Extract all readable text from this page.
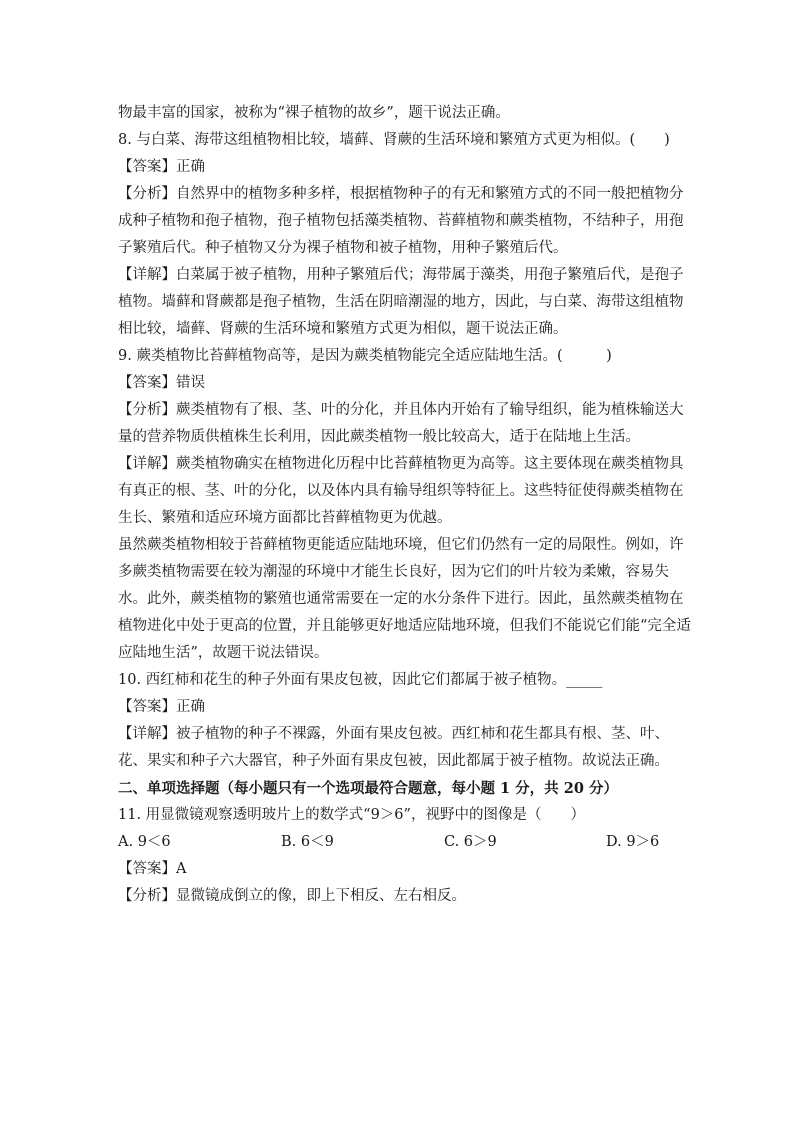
物最丰富的国家，被称为“裸子植物的故乡”，题干说法正确。
8. 与白菜、海带这组植物相比较，墙藓、肾蕨的生活环境和繁殖方式更为相似。(　　)
【答案】正确
【分析】自然界中的植物多种多样，根据植物种子的有无和繁殖方式的不同一般把植物分
成种子植物和孢子植物，孢子植物包括藻类植物、苔藓植物和蕨类植物，不结种子，用孢
子繁殖后代。种子植物又分为裸子植物和被子植物，用种子繁殖后代。
【详解】白菜属于被子植物，用种子繁殖后代；海带属于藻类，用孢子繁殖后代，是孢子
植物。墙藓和肾蕨都是孢子植物，生活在阴暗潮湿的地方，因此，与白菜、海带这组植物
相比较，墙藓、肾蕨的生活环境和繁殖方式更为相似，题干说法正确。
9. 蕨类植物比苔藓植物高等，是因为蕨类植物能完全适应陆地生活。(　　　)
【答案】错误
【分析】蕨类植物有了根、茎、叶的分化，并且体内开始有了输导组织，能为植株输送大
量的营养物质供植株生长利用，因此蕨类植物一般比较高大，适于在陆地上生活。
【详解】蕨类植物确实在植物进化历程中比苔藓植物更为高等。这主要体现在蕨类植物具
有真正的根、茎、叶的分化，以及体内具有输导组织等特征上。这些特征使得蕨类植物在
生长、繁殖和适应环境方面都比苔藓植物更为优越。
虽然蕨类植物相较于苔藓植物更能适应陆地环境，但它们仍然有一定的局限性。例如，许
多蕨类植物需要在较为潮湿的环境中才能生长良好，因为它们的叶片较为柔嫩，容易失
水。此外，蕨类植物的繁殖也通常需要在一定的水分条件下进行。因此，虽然蕨类植物在
植物进化中处于更高的位置，并且能够更好地适应陆地环境，但我们不能说它们能“完全适
应陆地生活”，故题干说法错误。
10. 西红柿和花生的种子外面有果皮包被，因此它们都属于被子植物。_____
【答案】正确
【详解】被子植物的种子不裸露，外面有果皮包被。西红柿和花生都具有根、茎、叶、
花、果实和种子六大器官，种子外面有果皮包被，因此都属于被子植物。故说法正确。
二、单项选择题（每小题只有一个选项最符合题意，每小题 1 分，共 20 分）
11. 用显微镜观察透明玻片上的数学式“9＞6”，视野中的图像是（　　）
A. 9＜6	B. 6＜9	C. 6＞9	D. 9＞6
【答案】A
【分析】显微镜成倒立的像，即上下相反、左右相反。
